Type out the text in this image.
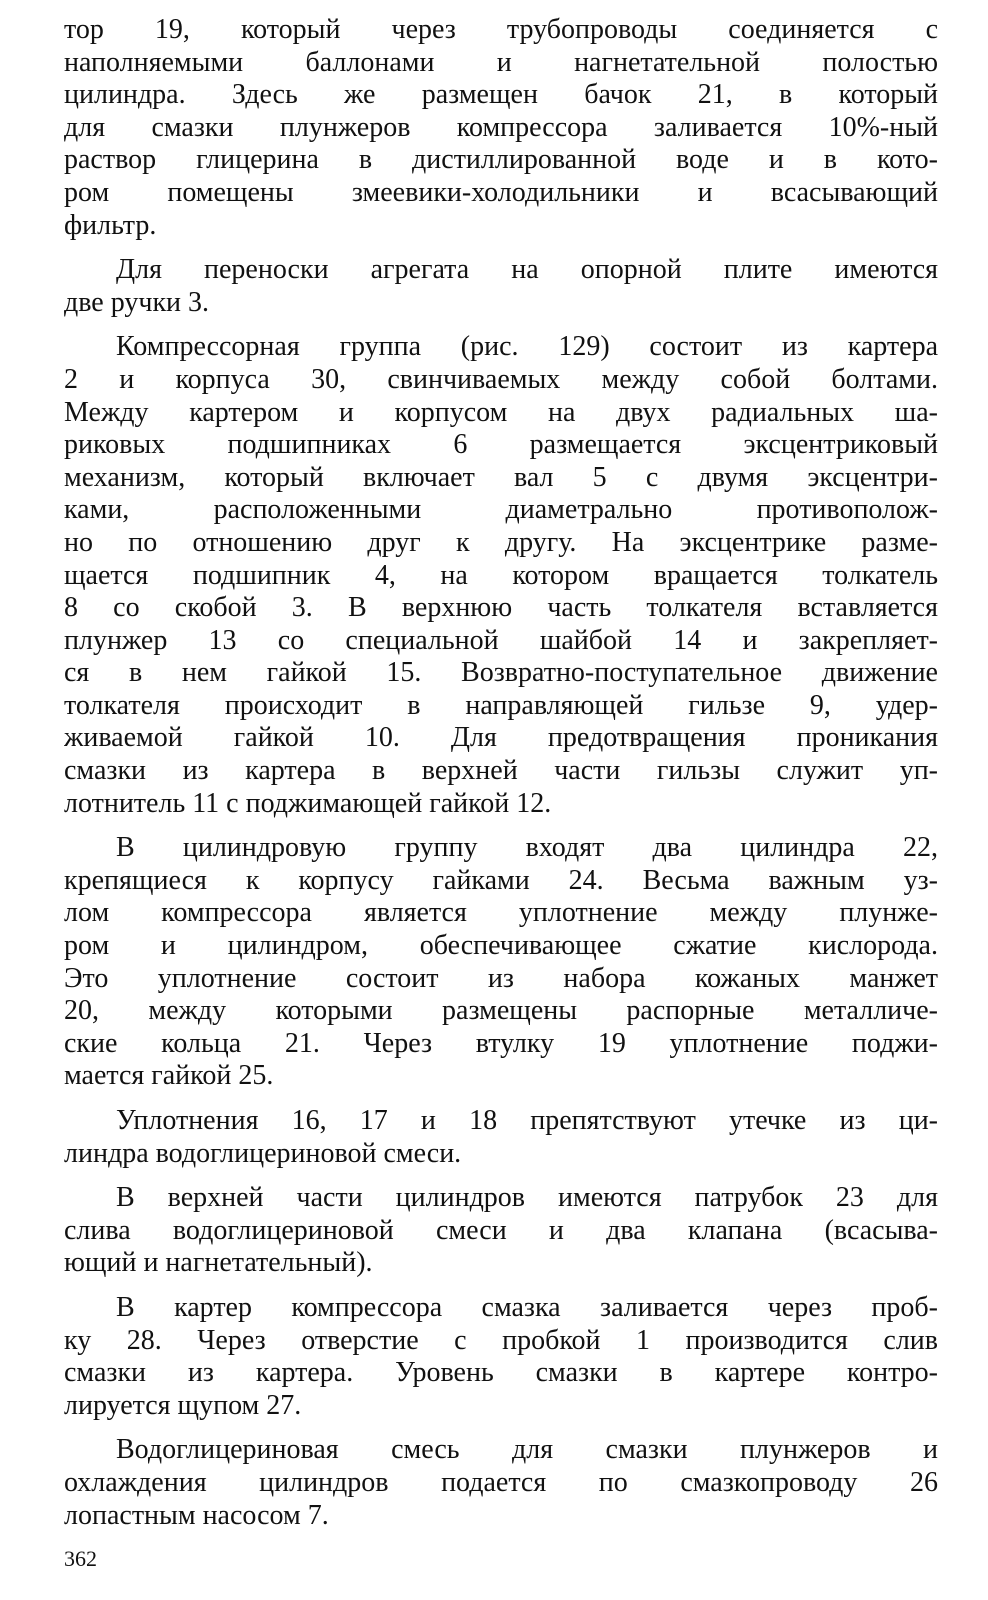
тор 19, который через трубопроводы соединяется с
наполняемыми баллонами и нагнетательной полостью
цилиндра. Здесь же размещен бачок 21, в который
для смазки плунжеров компрессора заливается 10%-ный
раствор глицерина в дистиллированной воде и в кото-
ром помещены змеевики-холодильники и всасывающий
фильтр.

Для переноски агрегата на опорной плите имеются
две ручки 3.

Компрессорная группа (рис. 129) состоит из картера
2 и корпуса 30, свинчиваемых между собой болтами.
Между картером и корпусом на двух радиальных ша-
риковых подшипниках 6 размещается эксцентриковый
механизм, который включает вал 5 с двумя эксцентри-
ками, расположенными диаметрально противополож-
но по отношению друг к другу. На эксцентрике разме-
щается подшипник 4, на котором вращается толкатель
8 со скобой 3. В верхнюю часть толкателя вставляется
плунжер 13 со специальной шайбой 14 и закрепляет-
ся в нем гайкой 15. Возвратно-поступательное движение
толкателя происходит в направляющей гильзе 9, удер-
живаемой гайкой 10. Для предотвращения проникания
смазки из картера в верхней части гильзы служит уп-
лотнитель 11 с поджимающей гайкой 12.

В цилиндровую группу входят два цилиндра 22,
крепящиеся к корпусу гайками 24. Весьма важным уз-
лом компрессора является уплотнение между плунже-
ром и цилиндром, обеспечивающее сжатие кислорода.
Это уплотнение состоит из набора кожаных манжет
20, между которыми размещены распорные металличе-
ские кольца 21. Через втулку 19 уплотнение поджи-
мается гайкой 25.

Уплотнения 16, 17 и 18 препятствуют утечке из ци-
линдра водоглицериновой смеси.

В верхней части цилиндров имеются патрубок 23 для
слива водоглицериновой смеси и два клапана (всасыва-
ющий и нагнетательный).

В картер компрессора смазка заливается через проб-
ку 28. Через отверстие с пробкой 1 производится слив
смазки из картера. Уровень смазки в картере контро-
лируется щупом 27.

Водоглицериновая смесь для смазки плунжеров и
охлаждения цилиндров подается по смазкопроводу 26
лопастным насосом 7.

362
